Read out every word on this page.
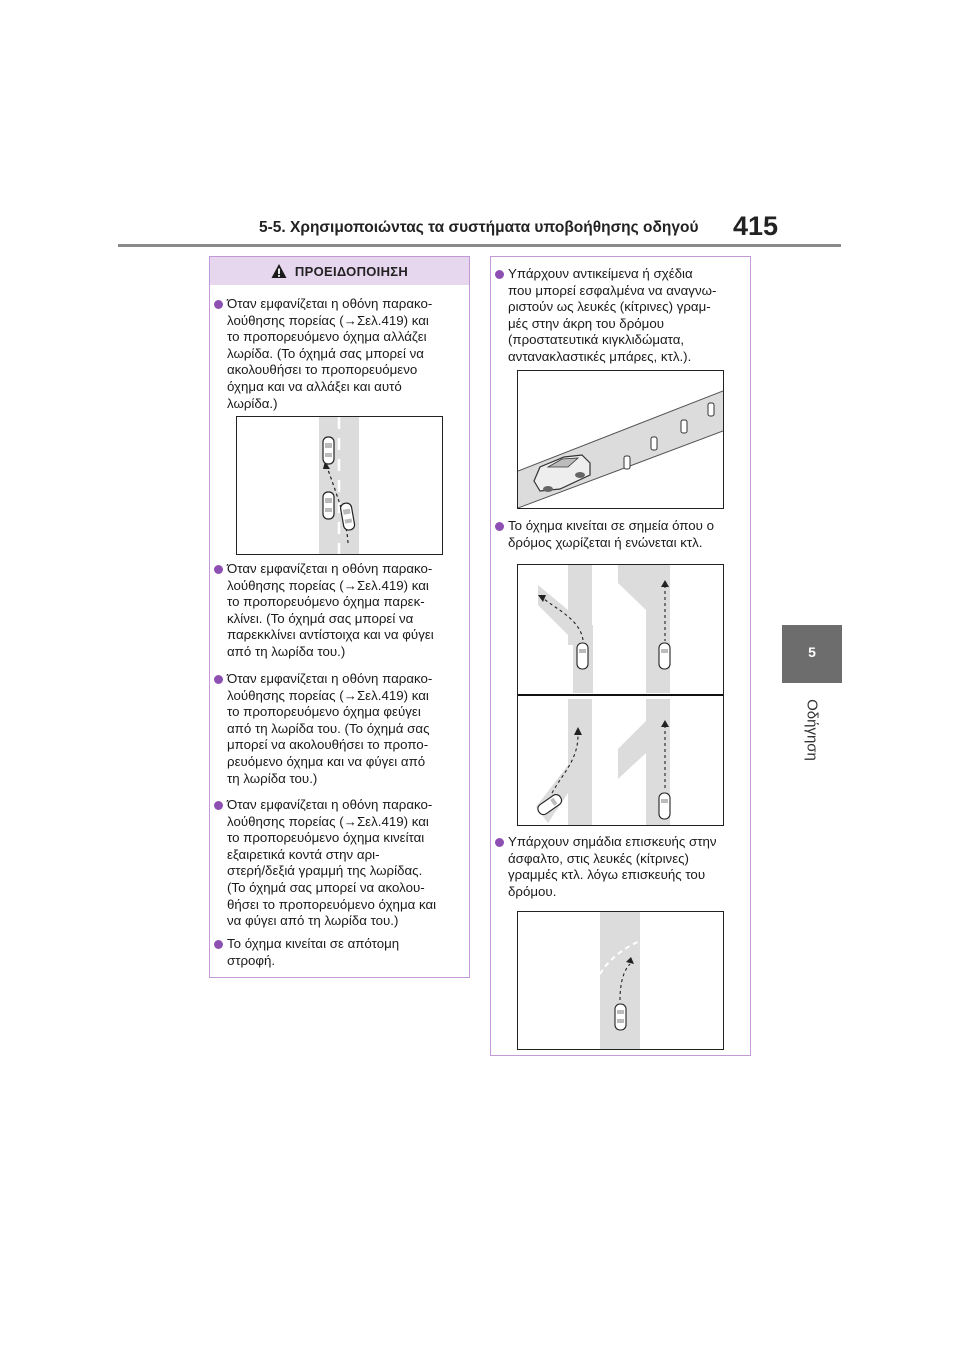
5-5. Χρησιμοποιώντας τα συστήματα υποβοήθησης οδηγού 415
5
Οδήγηση
ΠΡΟΕΙΔΟΠΟΙΗΣΗ

Όταν εμφανίζεται η οθόνη παρακο-

λούθησης πορείας (→Σελ.419) και

το προπορευόμενο όχημα αλλάζει

λωρίδα. (Το όχημά σας μπορεί να

ακολουθήσει το προπορευόμενο

όχημα και να αλλάξει και αυτό

λωρίδα.)

Όταν εμφανίζεται η οθόνη παρακο-

λούθησης πορείας (→Σελ.419) και

το προπορευόμενο όχημα παρεκ-

κλίνει. (Το όχημά σας μπορεί να

παρεκκλίνει αντίστοιχα και να φύγει

από τη λωρίδα του.)

Όταν εμφανίζεται η οθόνη παρακο-

λούθησης πορείας (→Σελ.419) και

το προπορευόμενο όχημα φεύγει

από τη λωρίδα του. (Το όχημά σας

μπορεί να ακολουθήσει το προπο-

ρευόμενο όχημα και να φύγει από

τη λωρίδα του.)

Όταν εμφανίζεται η οθόνη παρακο-

λούθησης πορείας (→Σελ.419) και

το προπορευόμενο όχημα κινείται

εξαιρετικά κοντά στην αρι-

στερή/δεξιά γραμμή της λωρίδας.

(Το όχημά σας μπορεί να ακολου-

θήσει το προπορευόμενο όχημα και

να φύγει από τη λωρίδα του.)

Το όχημα κινείται σε απότομη

στροφή.

Υπάρχουν αντικείμενα ή σχέδια

που μπορεί εσφαλμένα να αναγνω-

ριστούν ως λευκές (κίτρινες) γραμ-

μές στην άκρη του δρόμου

(προστατευτικά κιγκλιδώματα,

αντανακλαστικές μπάρες, κτλ.).

Το όχημα κινείται σε σημεία όπου ο

δρόμος χωρίζεται ή ενώνεται κτλ.

Υπάρχουν σημάδια επισκευής στην

άσφαλτο, στις λευκές (κίτρινες)

γραμμές κτλ. λόγω επισκευής του

δρόμου.
